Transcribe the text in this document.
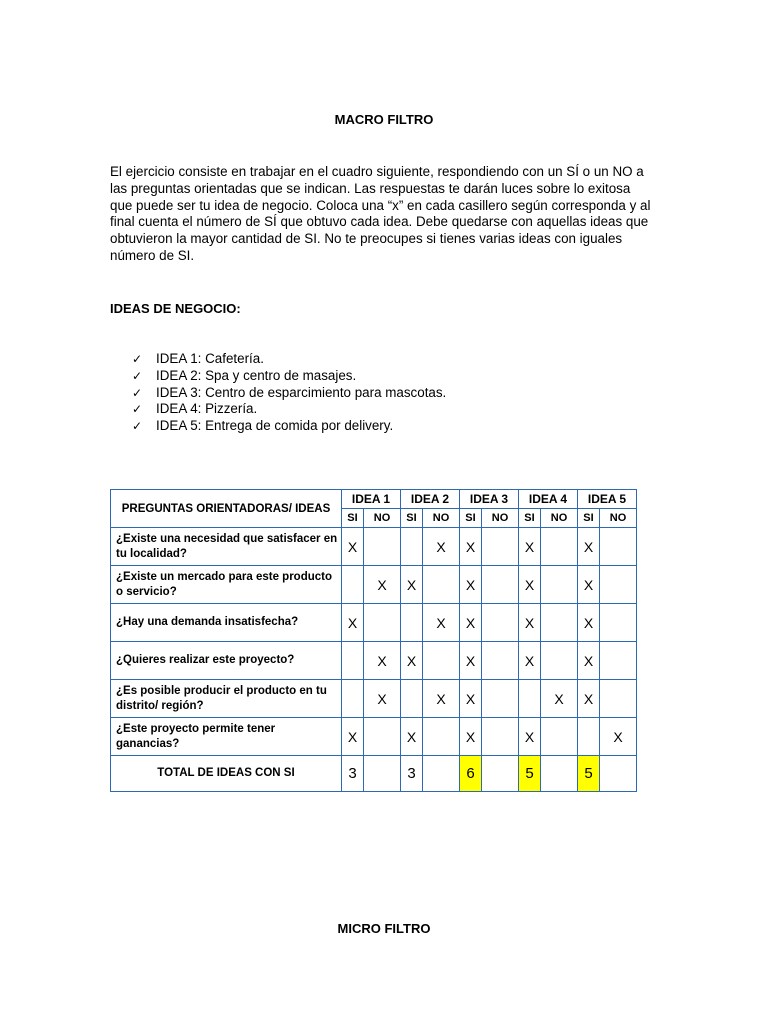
MACRO FILTRO

El ejercicio consiste en trabajar en el cuadro siguiente, respondiendo con un SÍ o un NO a las preguntas orientadas que se indican. Las respuestas te darán luces sobre lo exitosa que puede ser tu idea de negocio. Coloca una “x” en cada casillero según corresponda y al final cuenta el número de SÍ que obtuvo cada idea. Debe quedarse con aquellas ideas que obtuvieron la mayor cantidad de SI. No te preocupes si tienes varias ideas con iguales número de SI.

IDEAS DE NEGOCIO:
✓ IDEA 1: Cafetería.
✓ IDEA 2: Spa y centro de masajes.
✓ IDEA 3: Centro de esparcimiento para mascotas.
✓ IDEA 4: Pizzería.
✓ IDEA 5: Entrega de comida por delivery.
PREGUNTAS ORIENTADORAS/ IDEAS	IDEA 1		IDEA 2		IDEA 3		IDEA 4		IDEA 5	
	SI	NO	SI	NO	SI	NO	SI	NO	SI	NO
¿Existe una necesidad que satisfacer en tu localidad?	X			X	X		X		X	
¿Existe un mercado para este producto o servicio?		X	X		X		X		X	
¿Hay una demanda insatisfecha?	X			X	X		X		X	
¿Quieres realizar este proyecto?		X	X		X		X		X	
¿Es posible producir el producto en tu distrito/ región?		X		X	X			X	X	
¿Este proyecto permite tener ganancias?	X		X		X		X			X
TOTAL DE IDEAS CON SI	3		3		6		5		5	
MICRO FILTRO
